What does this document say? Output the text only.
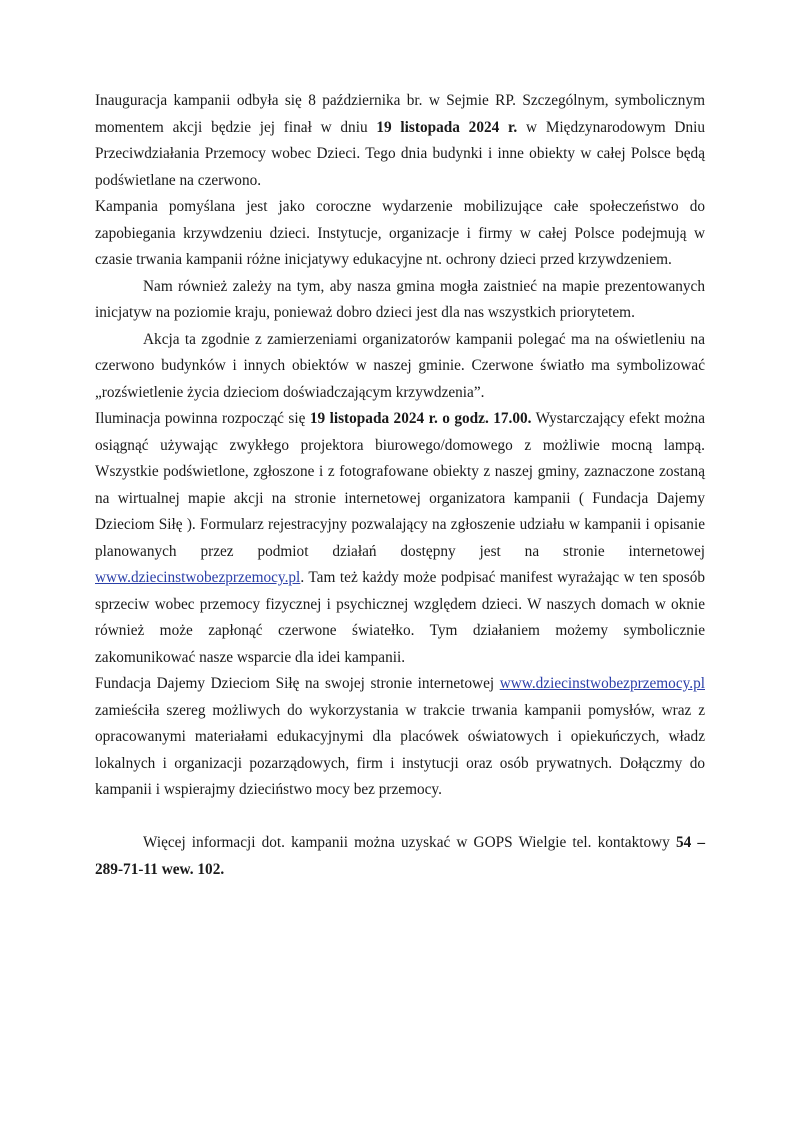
Inauguracja kampanii odbyła się 8 października br. w Sejmie RP. Szczególnym, symbolicznym momentem akcji będzie jej finał w dniu 19 listopada 2024 r. w Międzynarodowym Dniu Przeciwdziałania Przemocy wobec Dzieci. Tego dnia budynki i inne obiekty w całej Polsce będą podświetlane na czerwono.

Kampania pomyślana jest jako coroczne wydarzenie mobilizujące całe społeczeństwo do zapobiegania krzywdzeniu dzieci. Instytucje, organizacje i firmy w całej Polsce podejmują w czasie trwania kampanii różne inicjatywy edukacyjne nt. ochrony dzieci przed krzywdzeniem.

Nam również zależy na tym, aby nasza gmina mogła zaistnieć na mapie prezentowanych inicjatyw na poziomie kraju, ponieważ dobro dzieci jest dla nas wszystkich priorytetem.

Akcja ta zgodnie z zamierzeniami organizatorów kampanii polegać ma na oświetleniu na czerwono budynków i innych obiektów w naszej gminie. Czerwone światło ma symbolizować „rozświetlenie życia dzieciom doświadczającym krzywdzenia”.

Iluminacja powinna rozpocząć się 19 listopada 2024 r. o godz. 17.00. Wystarczający efekt można osiągnąć używając zwykłego projektora biurowego/domowego z możliwie mocną lampą. Wszystkie podświetlone, zgłoszone i z fotografowane obiekty z naszej gminy, zaznaczone zostaną na wirtualnej mapie akcji na stronie internetowej organizatora kampanii ( Fundacja Dajemy Dzieciom Siłę ). Formularz rejestracyjny pozwalający na zgłoszenie udziału w kampanii i opisanie planowanych przez podmiot działań dostępny jest na stronie internetowej www.dziecinstwobezprzemocy.pl. Tam też każdy może podpisać manifest wyrażając w ten sposób sprzeciw wobec przemocy fizycznej i psychicznej względem dzieci. W naszych domach w oknie również może zapłonąć czerwone światełko. Tym działaniem możemy symbolicznie zakomunikować nasze wsparcie dla idei kampanii.

Fundacja Dajemy Dzieciom Siłę na swojej stronie internetowej www.dziecinstwobezprzemocy.pl zamieściła szereg możliwych do wykorzystania w trakcie trwania kampanii pomysłów, wraz z opracowanymi materiałami edukacyjnymi dla placówek oświatowych i opiekuńczych, władz lokalnych i organizacji pozarządowych, firm i instytucji oraz osób prywatnych. Dołączmy do kampanii i wspierajmy dzieciństwo mocy bez przemocy.

Więcej informacji dot. kampanii można uzyskać w GOPS Wielgie tel. kontaktowy 54 – 289-71-11 wew. 102.
